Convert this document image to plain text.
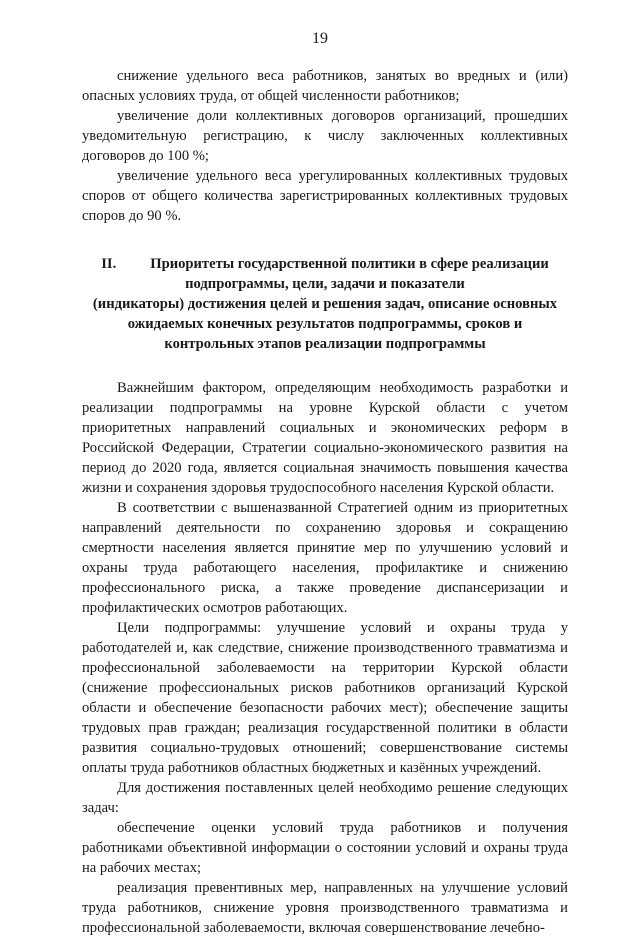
19

снижение удельного веса работников, занятых во вредных и (или) опасных условиях труда, от общей численности работников;

увеличение доли коллективных договоров организаций, прошедших уведомительную регистрацию, к числу заключенных коллективных договоров до 100 %;

увеличение удельного веса урегулированных коллективных трудовых споров от общего количества зарегистрированных коллективных трудовых споров до 90 %.

II. Приоритеты государственной политики в сфере реализации
подпрограммы, цели, задачи и показатели
(индикаторы) достижения целей и решения задач, описание основных
ожидаемых конечных результатов подпрограммы, сроков и
контрольных этапов реализации подпрограммы

Важнейшим фактором, определяющим необходимость разработки и реализации подпрограммы на уровне Курской области с учетом приоритетных направлений социальных и экономических реформ в Российской Федерации, Стратегии социально-экономического развития на период до 2020 года, является социальная значимость повышения качества жизни и сохранения здоровья трудоспособного населения Курской области.

В соответствии с вышеназванной Стратегией одним из приоритетных направлений деятельности по сохранению здоровья и сокращению смертности населения является принятие мер по улучшению условий и охраны труда работающего населения, профилактике и снижению профессионального риска, а также проведение диспансеризации и профилактических осмотров работающих.

Цели подпрограммы: улучшение условий и охраны труда у работодателей и, как следствие, снижение производственного травматизма и профессиональной заболеваемости на территории Курской области (снижение профессиональных рисков работников организаций Курской области и обеспечение безопасности рабочих мест); обеспечение защиты трудовых прав граждан; реализация государственной политики в области развития социально-трудовых отношений; совершенствование системы оплаты труда работников областных бюджетных и казённых учреждений.

Для достижения поставленных целей необходимо решение следующих задач:

обеспечение оценки условий труда работников и получения работниками объективной информации о состоянии условий и охраны труда на рабочих местах;

реализация превентивных мер, направленных на улучшение условий труда работников, снижение уровня производственного травматизма и профессиональной заболеваемости, включая совершенствование лечебно-
